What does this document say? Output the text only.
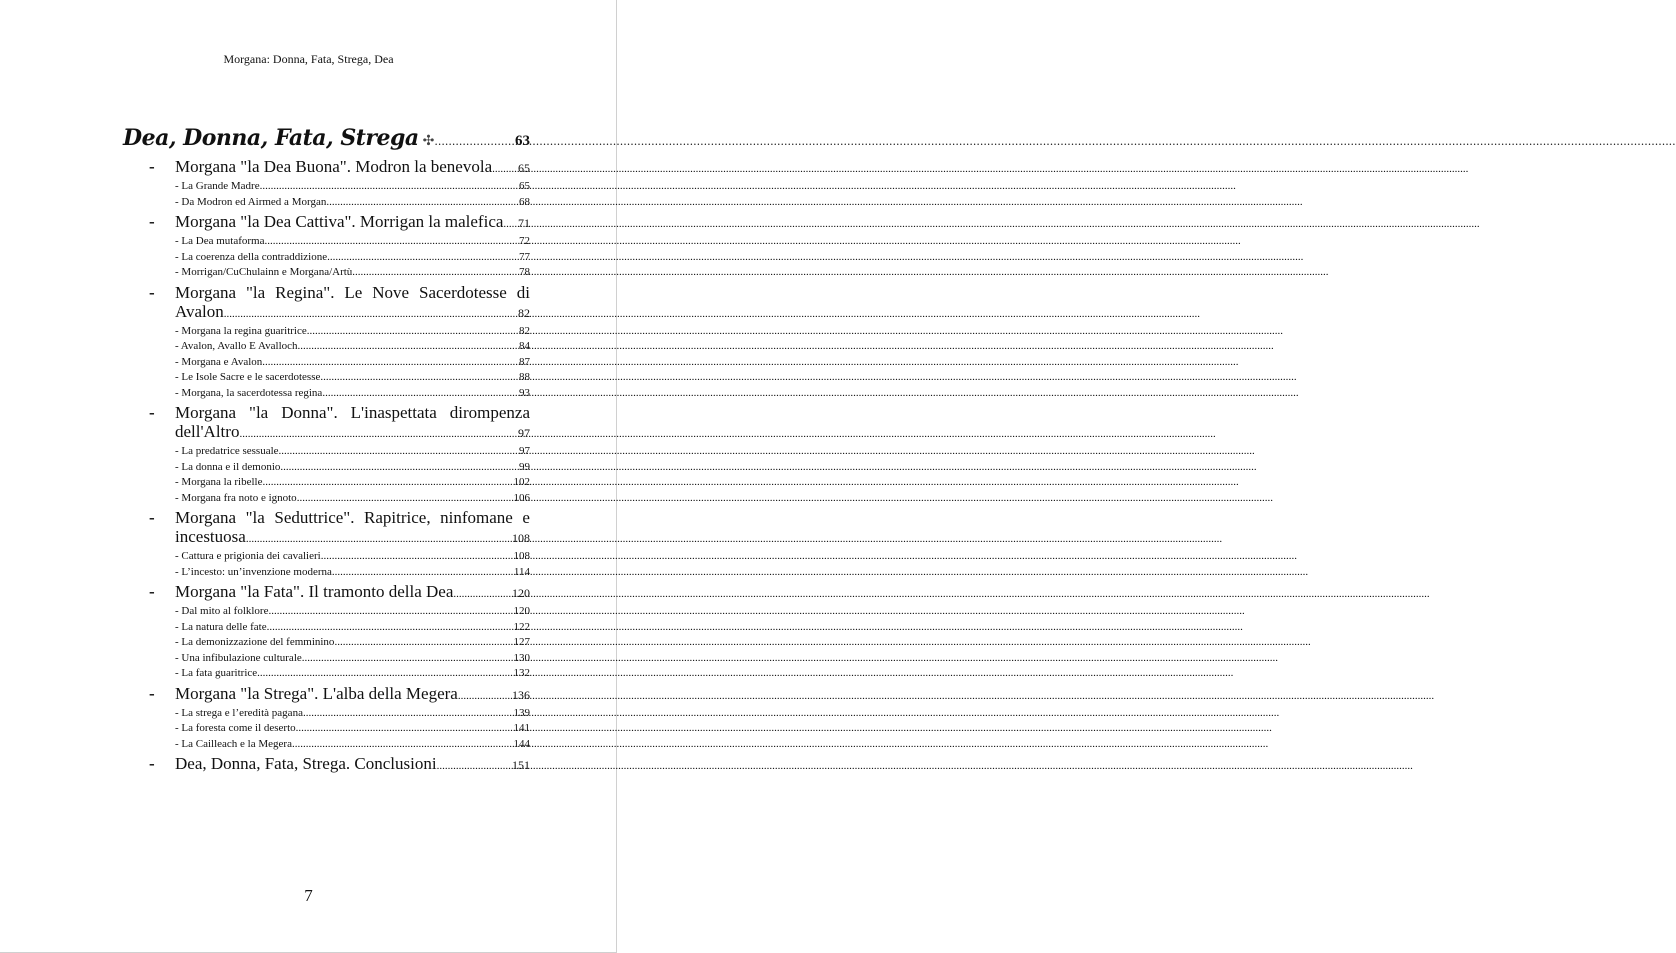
Morgana: Donna, Fata, Strega, Dea
Dea, Donna, Fata, Strega ✣ .....	63
- Morgana "la Dea Buona". Modron la benevola ..... 65
- La Grande Madre .....	65
- Da Modron ed Airmed a Morgan .....	68
- Morgana "la Dea Cattiva". Morrigan la malefica ..... 71
- La Dea mutaforma .....	72
- La coerenza della contraddizione .....	77
- Morrigan/CuChulainn e Morgana/Artù .....	78
- Morgana "la Regina". Le Nove Sacerdotesse di
Avalon .....	82
- Morgana la regina guaritrice .....	82
- Avalon, Avallo E Avalloch .....	84
- Morgana e Avalon .....	87
- Le Isole Sacre e le sacerdotesse .....	88
- Morgana, la sacerdotessa regina .....	93
- Morgana "la Donna". L'inaspettata dirompenza
dell'Altro .....	97
- La predatrice sessuale .....	97
- La donna e il demonio .....	99
- Morgana la ribelle .....	102
- Morgana fra noto e ignoto .....	106
- Morgana "la Seduttrice". Rapitrice, ninfomane e
incestuosa .....	108
- Cattura e prigionia dei cavalieri .....	108
- L’incesto: un’invenzione moderna .....	114
- Morgana "la Fata". Il tramonto della Dea .....	120
- Dal mito al folklore .....	120
- La natura delle fate .....	122
- La demonizzazione del femminino .....	127
- Una infibulazione culturale .....	130
- La fata guaritrice .....	132
- Morgana "la Strega". L'alba della Megera .....	136
- La strega e l’eredità pagana .....	139
- La foresta come il deserto .....	141
- La Cailleach e la Megera .....	144
- Dea, Donna, Fata, Strega. Conclusioni .....	151
7
